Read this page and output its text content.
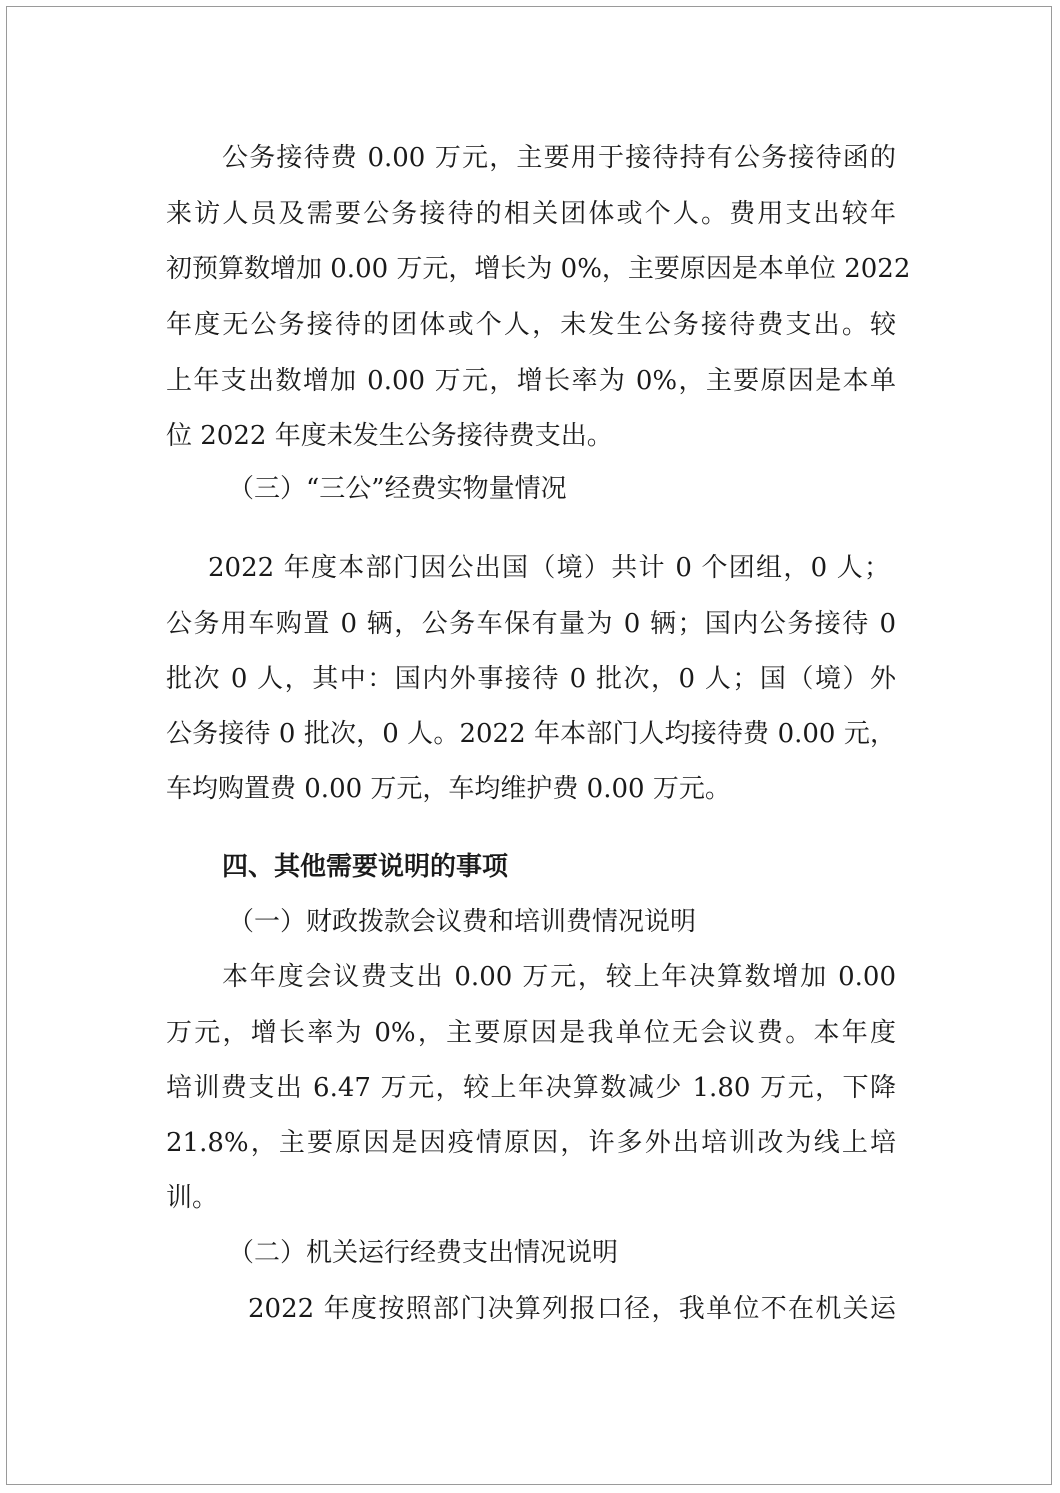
公务接待费 0.00 万元，主要用于接待持有公务接待函的
来访人员及需要公务接待的相关团体或个人。费用支出较年
初预算数增加 0.00 万元，增长为 0%，主要原因是本单位 2022
年度无公务接待的团体或个人，未发生公务接待费支出。较
上年支出数增加 0.00 万元，增长率为 0%，主要原因是本单
位 2022 年度未发生公务接待费支出。
（三）“三公”经费实物量情况
2022 年度本部门因公出国（境）共计 0 个团组，0 人；
公务用车购置 0 辆，公务车保有量为 0 辆；国内公务接待 0
批次 0 人，其中：国内外事接待 0 批次，0 人；国（境）外
公务接待 0 批次，0 人。2022 年本部门人均接待费 0.00 元，
车均购置费 0.00 万元，车均维护费 0.00 万元。
四、其他需要说明的事项
（一）财政拨款会议费和培训费情况说明
本年度会议费支出 0.00 万元，较上年决算数增加 0.00
万元，增长率为 0%，主要原因是我单位无会议费。本年度
培训费支出 6.47 万元，较上年决算数减少 1.80 万元，下降
21.8%，主要原因是因疫情原因，许多外出培训改为线上培
训。
（二）机关运行经费支出情况说明
2022 年度按照部门决算列报口径，我单位不在机关运
